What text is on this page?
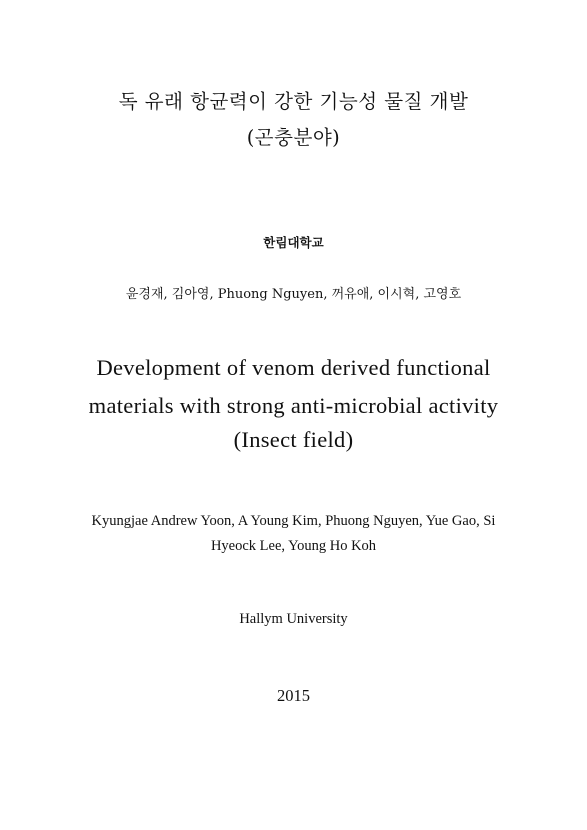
독 유래 항균력이 강한 기능성 물질 개발
(곤충분야)
한림대학교
윤경재, 김아영, Phuong Nguyen, 꺼유애, 이시혁, 고영호
Development of venom derived functional
materials with strong anti-microbial activity
(Insect field)
Kyungjae Andrew Yoon, A Young Kim, Phuong Nguyen, Yue Gao, Si
Hyeock Lee, Young Ho Koh
Hallym University
2015
